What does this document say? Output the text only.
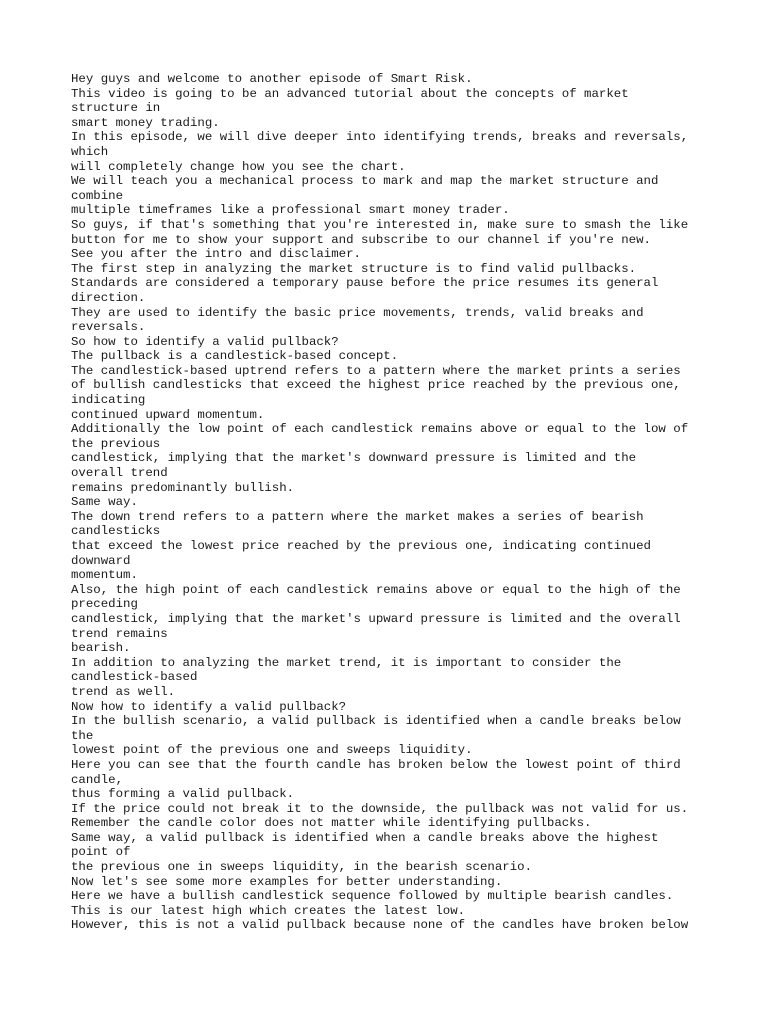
Hey guys and welcome to another episode of Smart Risk.
This video is going to be an advanced tutorial about the concepts of market
structure in
smart money trading.
In this episode, we will dive deeper into identifying trends, breaks and reversals,
which
will completely change how you see the chart.
We will teach you a mechanical process to mark and map the market structure and
combine
multiple timeframes like a professional smart money trader.
So guys, if that's something that you're interested in, make sure to smash the like
button for me to show your support and subscribe to our channel if you're new.
See you after the intro and disclaimer.
The first step in analyzing the market structure is to find valid pullbacks.
Standards are considered a temporary pause before the price resumes its general
direction.
They are used to identify the basic price movements, trends, valid breaks and
reversals.
So how to identify a valid pullback?
The pullback is a candlestick-based concept.
The candlestick-based uptrend refers to a pattern where the market prints a series
of bullish candlesticks that exceed the highest price reached by the previous one,
indicating
continued upward momentum.
Additionally the low point of each candlestick remains above or equal to the low of
the previous
candlestick, implying that the market's downward pressure is limited and the
overall trend
remains predominantly bullish.
Same way.
The down trend refers to a pattern where the market makes a series of bearish
candlesticks
that exceed the lowest price reached by the previous one, indicating continued
downward
momentum.
Also, the high point of each candlestick remains above or equal to the high of the
preceding
candlestick, implying that the market's upward pressure is limited and the overall
trend remains
bearish.
In addition to analyzing the market trend, it is important to consider the
candlestick-based
trend as well.
Now how to identify a valid pullback?
In the bullish scenario, a valid pullback is identified when a candle breaks below
the
lowest point of the previous one and sweeps liquidity.
Here you can see that the fourth candle has broken below the lowest point of third
candle,
thus forming a valid pullback.
If the price could not break it to the downside, the pullback was not valid for us.
Remember the candle color does not matter while identifying pullbacks.
Same way, a valid pullback is identified when a candle breaks above the highest
point of
the previous one in sweeps liquidity, in the bearish scenario.
Now let's see some more examples for better understanding.
Here we have a bullish candlestick sequence followed by multiple bearish candles.
This is our latest high which creates the latest low.
However, this is not a valid pullback because none of the candles have broken below
